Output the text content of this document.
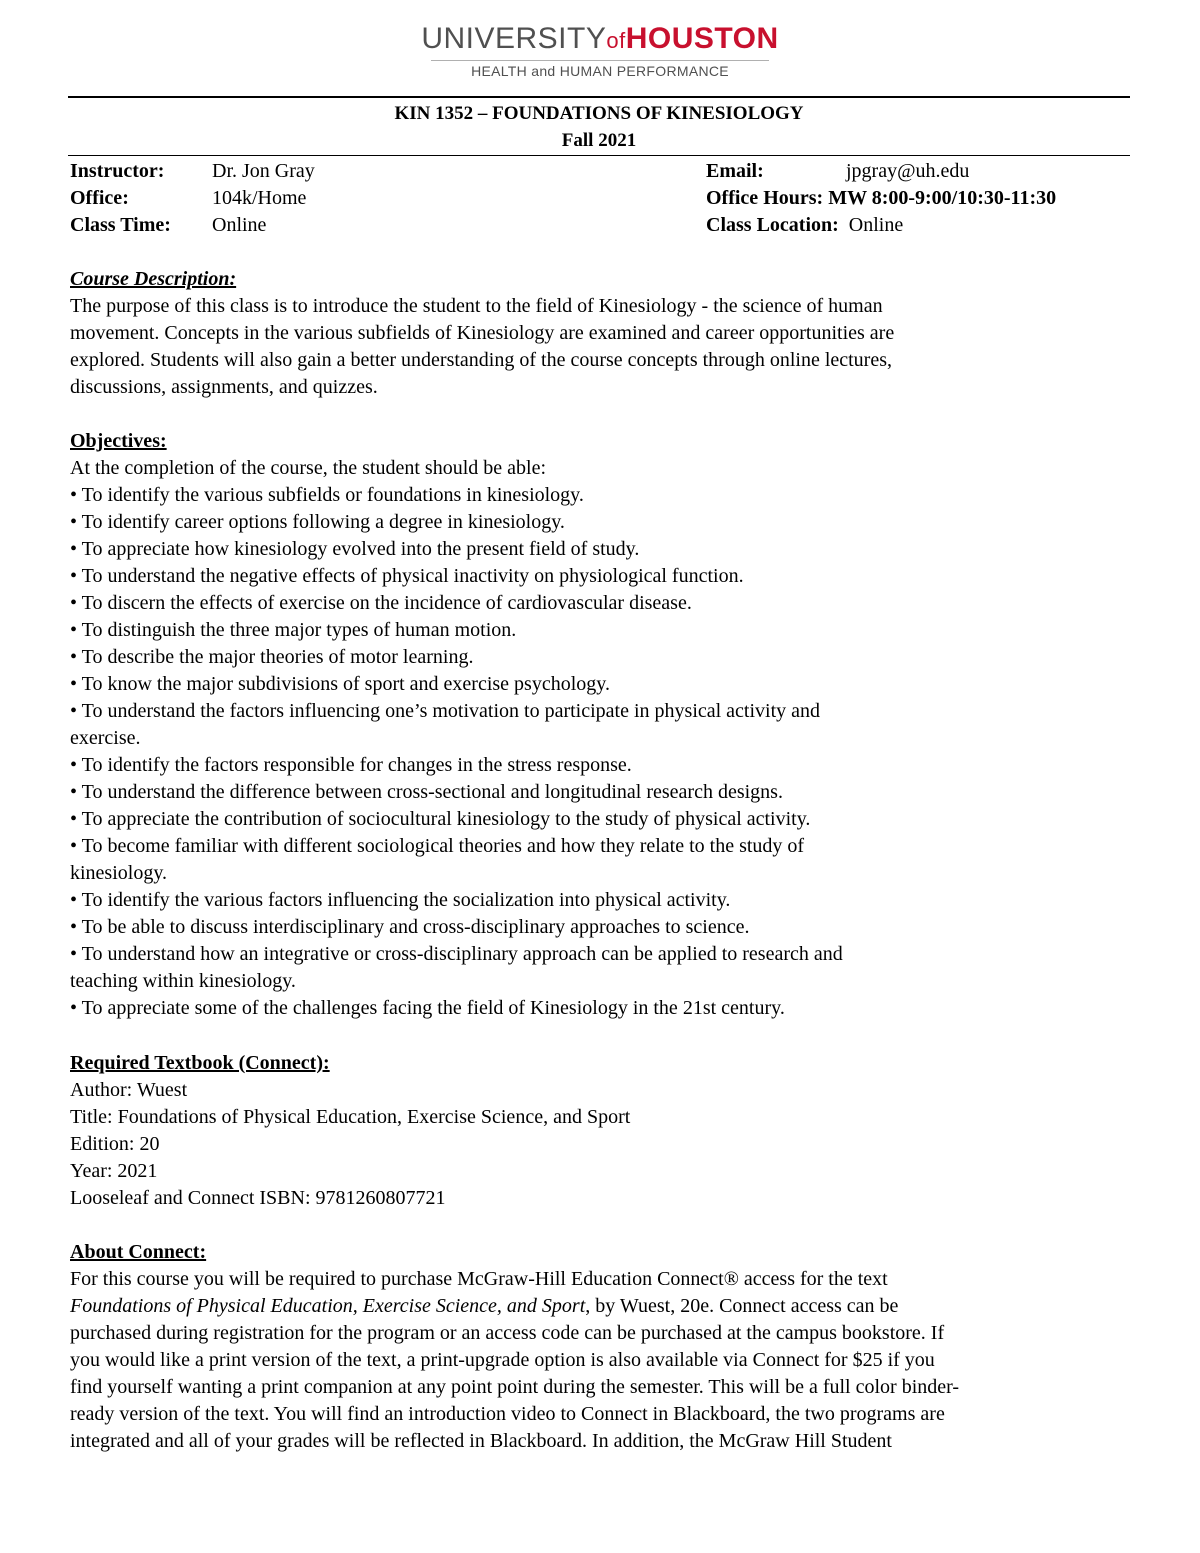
UNIVERSITYofHOUSTON
HEALTH and HUMAN PERFORMANCE
KIN 1352 – FOUNDATIONS OF KINESIOLOGY
Fall 2021
Instructor: Dr. Jon Gray
Office:	104k/Home
Class Time: Online
Email:	jpgray@uh.edu
Office Hours: MW 8:00-9:00/10:30-11:30
Class Location: Online
Course Description:
The purpose of this class is to introduce the student to the field of Kinesiology - the science of human
movement. Concepts in the various subfields of Kinesiology are examined and career opportunities are
explored. Students will also gain a better understanding of the course concepts through online lectures,
discussions, assignments, and quizzes.
Objectives:
At the completion of the course, the student should be able:
• To identify the various subfields or foundations in kinesiology.
• To identify career options following a degree in kinesiology.
• To appreciate how kinesiology evolved into the present field of study.
• To understand the negative effects of physical inactivity on physiological function.
• To discern the effects of exercise on the incidence of cardiovascular disease.
• To distinguish the three major types of human motion.
• To describe the major theories of motor learning.
• To know the major subdivisions of sport and exercise psychology.
• To understand the factors influencing one’s motivation to participate in physical activity and
exercise.
• To identify the factors responsible for changes in the stress response.
• To understand the difference between cross-sectional and longitudinal research designs.
• To appreciate the contribution of sociocultural kinesiology to the study of physical activity.
• To become familiar with different sociological theories and how they relate to the study of
kinesiology.
• To identify the various factors influencing the socialization into physical activity.
• To be able to discuss interdisciplinary and cross-disciplinary approaches to science.
• To understand how an integrative or cross-disciplinary approach can be applied to research and
teaching within kinesiology.
• To appreciate some of the challenges facing the field of Kinesiology in the 21st century.
Required Textbook (Connect):
Author: Wuest
Title: Foundations of Physical Education, Exercise Science, and Sport
Edition: 20
Year: 2021
Looseleaf and Connect ISBN: 9781260807721
About Connect:
For this course you will be required to purchase McGraw-Hill Education Connect® access for the text
Foundations of Physical Education, Exercise Science, and Sport, by Wuest, 20e. Connect access can be
purchased during registration for the program or an access code can be purchased at the campus bookstore. If
you would like a print version of the text, a print-upgrade option is also available via Connect for $25 if you
find yourself wanting a print companion at any point point during the semester. This will be a full color binder-
ready version of the text. You will find an introduction video to Connect in Blackboard, the two programs are
integrated and all of your grades will be reflected in Blackboard. In addition, the McGraw Hill Student
